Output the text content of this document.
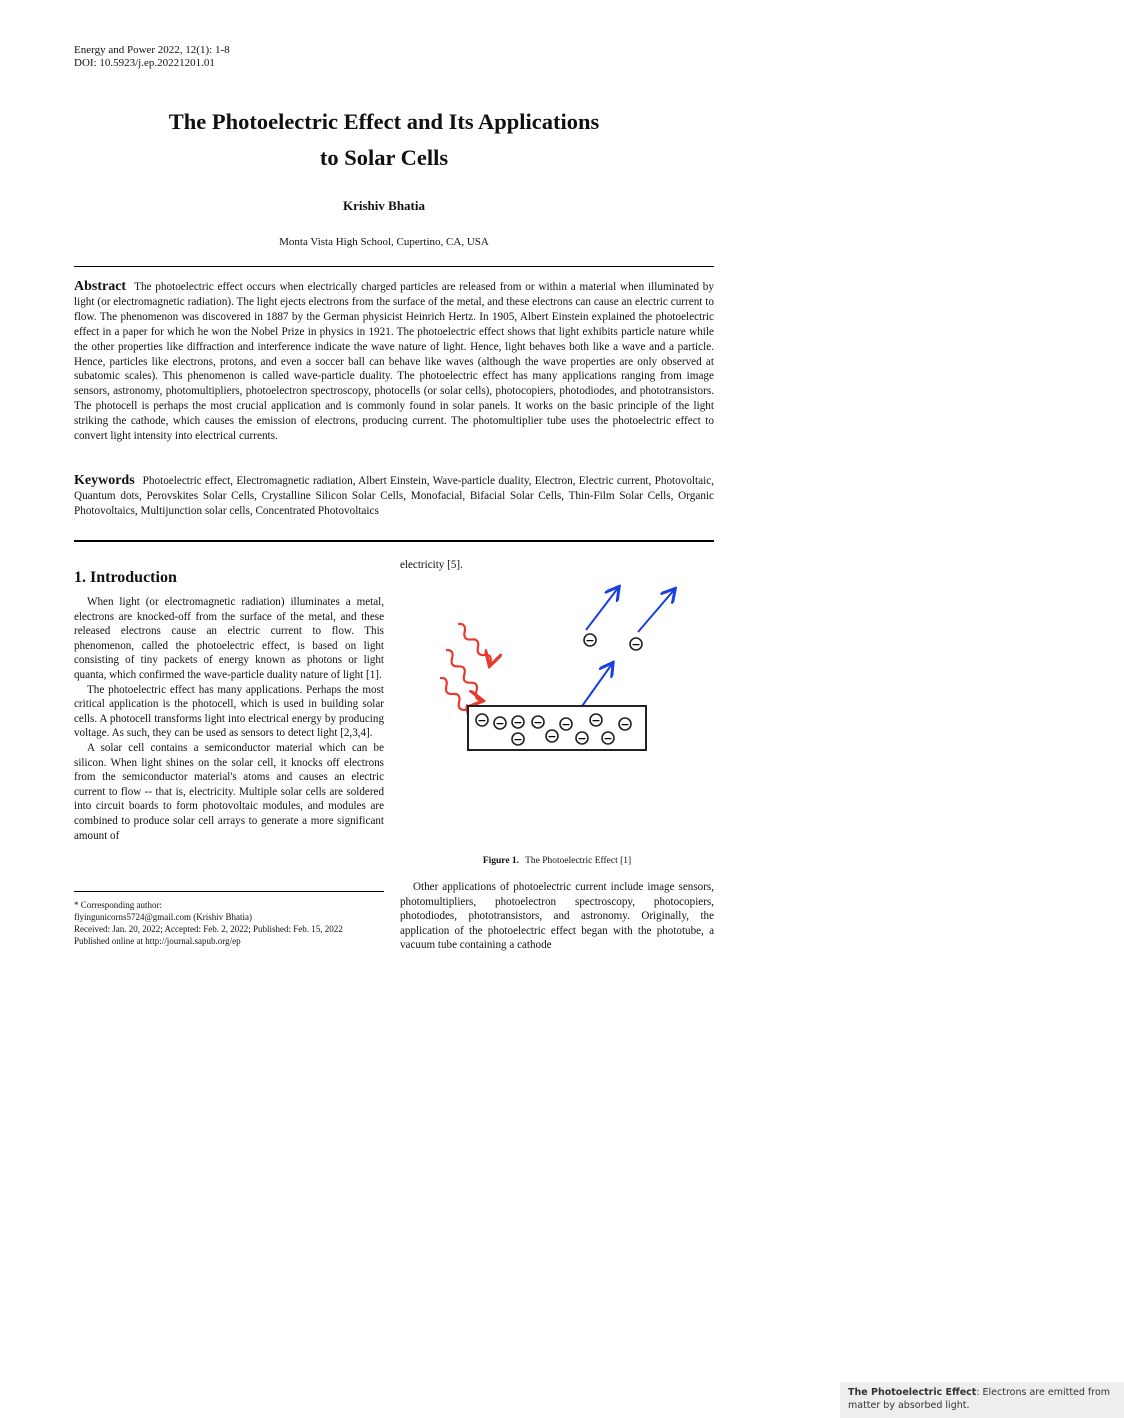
Energy and Power 2022, 12(1): 1-8
DOI: 10.5923/j.ep.20221201.01
The Photoelectric Effect and Its Applications
to Solar Cells
Krishiv Bhatia
Monta Vista High School, Cupertino, CA, USA
Abstract The photoelectric effect occurs when electrically charged particles are released from or within a material when illuminated by light (or electromagnetic radiation). The light ejects electrons from the surface of the metal, and these electrons can cause an electric current to flow. The phenomenon was discovered in 1887 by the German physicist Heinrich Hertz. In 1905, Albert Einstein explained the photoelectric effect in a paper for which he won the Nobel Prize in physics in 1921. The photoelectric effect shows that light exhibits particle nature while the other properties like diffraction and interference indicate the wave nature of light. Hence, light behaves both like a wave and a particle. Hence, particles like electrons, protons, and even a soccer ball can behave like waves (although the wave properties are only observed at subatomic scales). This phenomenon is called wave-particle duality. The photoelectric effect has many applications ranging from image sensors, astronomy, photomultipliers, photoelectron spectroscopy, photocells (or solar cells), photocopiers, photodiodes, and phototransistors. The photocell is perhaps the most crucial application and is commonly found in solar panels. It works on the basic principle of the light striking the cathode, which causes the emission of electrons, producing current. The photomultiplier tube uses the photoelectric effect to convert light intensity into electrical currents.
Keywords Photoelectric effect, Electromagnetic radiation, Albert Einstein, Wave-particle duality, Electron, Electric current, Photovoltaic, Quantum dots, Perovskites Solar Cells, Crystalline Silicon Solar Cells, Monofacial, Bifacial Solar Cells, Thin-Film Solar Cells, Organic Photovoltaics, Multijunction solar cells, Concentrated Photovoltaics
1. Introduction

When light (or electromagnetic radiation) illuminates a metal, electrons are knocked-off from the surface of the metal, and these released electrons cause an electric current to flow. This phenomenon, called the photoelectric effect, is based on light consisting of tiny packets of energy known as photons or light quanta, which confirmed the wave-particle duality nature of light [1].

The photoelectric effect has many applications. Perhaps the most critical application is the photocell, which is used in building solar cells. A photocell transforms light into electrical energy by producing voltage. As such, they can be used as sensors to detect light [2,3,4].

A solar cell contains a semiconductor material which can be silicon. When light shines on the solar cell, it knocks off electrons from the semiconductor material's atoms and causes an electric current to flow -- that is, electricity. Multiple solar cells are soldered into circuit boards to form photovoltaic modules, and modules are combined to produce solar cell arrays to generate a more significant amount of

electricity [5].
− − − − − − −
− − − −
−	−
The Photoelectric Effect: Electrons are emitted from matter by absorbed light.
Figure 1. The Photoelectric Effect [1]

Other applications of photoelectric current include image sensors, photomultipliers, photoelectron spectroscopy, photocopiers, photodiodes, phototransistors, and astronomy. Originally, the application of the photoelectric effect began with the phototube, a vacuum tube containing a cathode

* Corresponding author:
flyingunicorns5724@gmail.com (Krishiv Bhatia)
Received: Jan. 20, 2022; Accepted: Feb. 2, 2022; Published: Feb. 15, 2022
Published online at http://journal.sapub.org/ep
